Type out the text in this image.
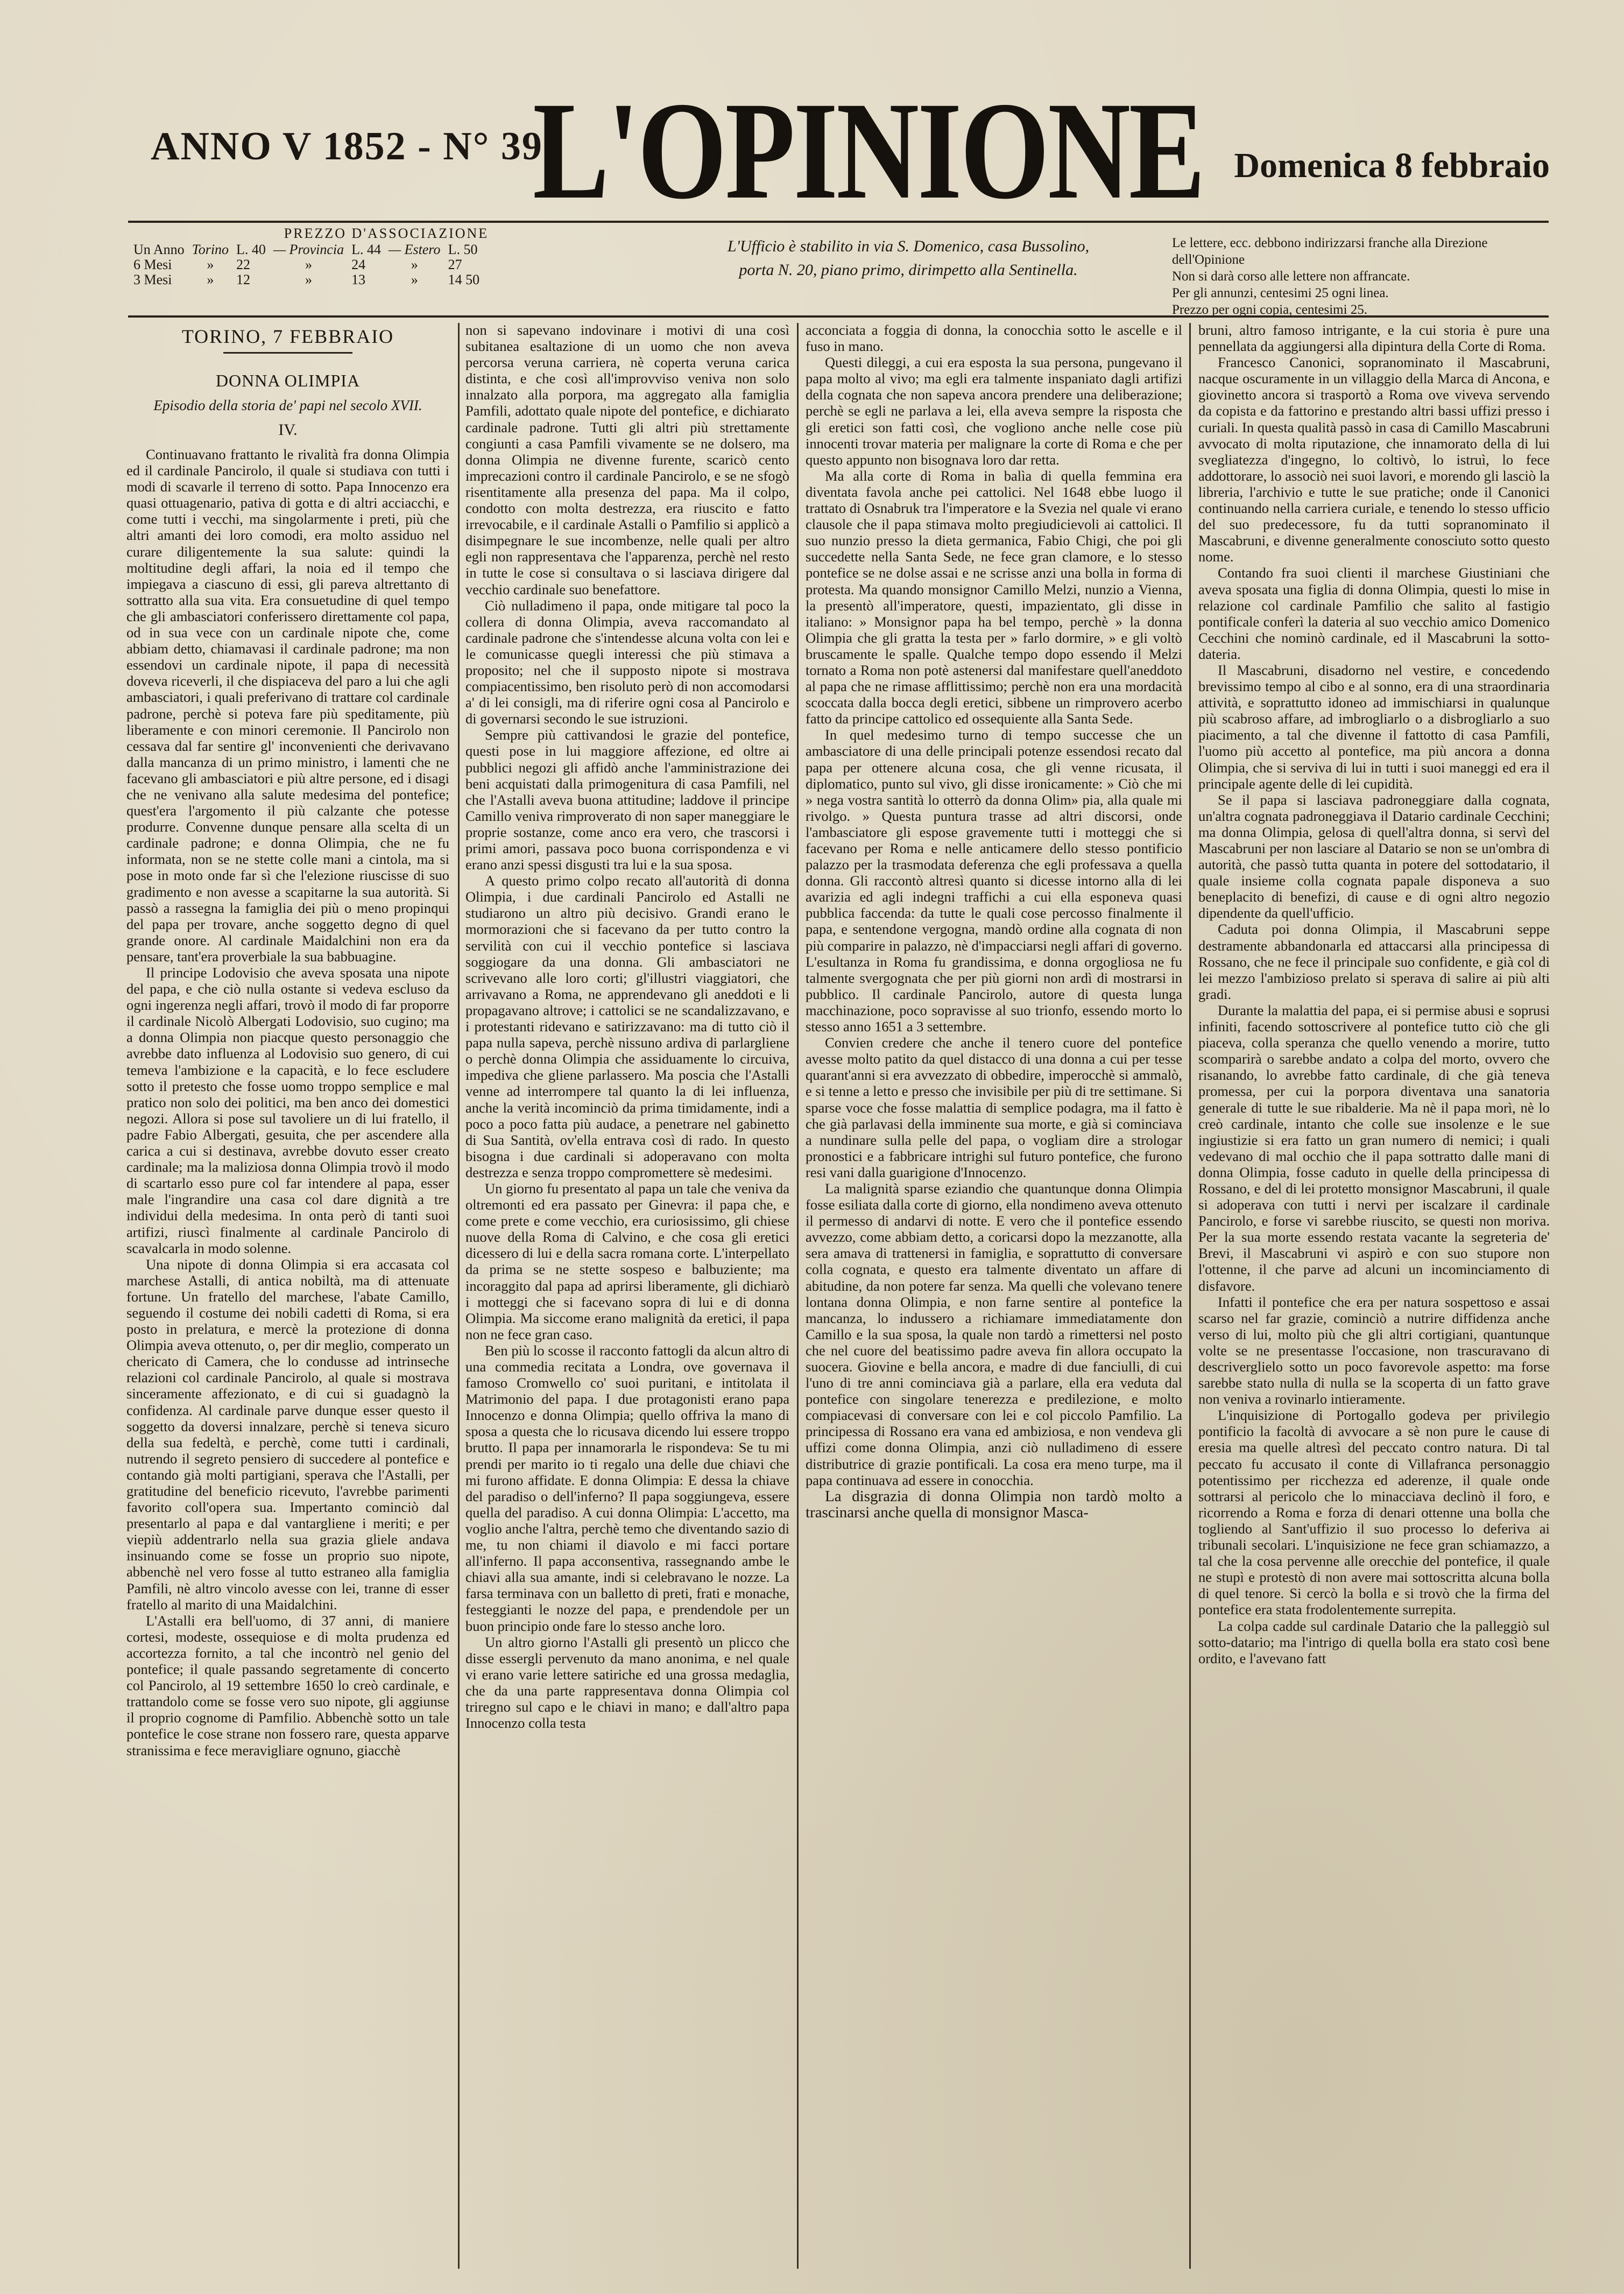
ANNO V 1852 - N° 39
L'OPINIONE Domenica 8 febbraio
PREZZO D'ASSOCIAZIONE
Un Anno	Torino	L. 40	— Provincia	L. 44	— Estero	L. 50
6 Mesi	»	22	»	24	»	27
3 Mesi	»	12	»	13	»	14 50
L'Ufficio è stabilito in via S. Domenico, casa Bussolino,
porta N. 20, piano primo, dirimpetto alla Sentinella.
Le lettere, ecc. debbono indirizzarsi franche alla Direzione dell'Opinione
Non si darà corso alle lettere non affrancate.
Per gli annunzi, centesimi 25 ogni linea.
Prezzo per ogni copia, centesimi 25.
TORINO, 7 FEBBRAIO
DONNA OLIMPIA
Episodio della storia de' papi nel secolo XVII.
IV.

Continuavano frattanto le rivalità fra donna Olimpia ed il cardinale Pancirolo, il quale si studiava con tutti i modi di scavarle il terreno di sotto. Papa Innocenzo era quasi ottuagenario, pativa di gotta e di altri acciacchi, e come tutti i vecchi, ma singolarmente i preti, più che altri amanti dei loro comodi, era molto assiduo nel curare diligentemente la sua salute: quindi la moltitudine degli affari, la noia ed il tempo che impiegava a ciascuno di essi, gli pareva altrettanto di sottratto alla sua vita. Era consuetudine di quel tempo che gli ambasciatori conferissero direttamente col papa, od in sua vece con un cardinale nipote che, come abbiam detto, chiamavasi il cardinale padrone; ma non essendovi un cardinale nipote, il papa di necessità doveva riceverli, il che dispiaceva del paro a lui che agli ambasciatori, i quali preferivano di trattare col cardinale padrone, perchè si poteva fare più speditamente, più liberamente e con minori ceremonie. Il Pancirolo non cessava dal far sentire gl' inconvenienti che derivavano dalla mancanza di un primo ministro, i lamenti che ne facevano gli ambasciatori e più altre persone, ed i disagi che ne venivano alla salute medesima del pontefice; quest'era l'argomento il più calzante che potesse produrre. Convenne dunque pensare alla scelta di un cardinale padrone; e donna Olimpia, che ne fu informata, non se ne stette colle mani a cintola, ma si pose in moto onde far sì che l'elezione riuscisse di suo gradimento e non avesse a scapitarne la sua autorità. Si passò a rassegna la famiglia dei più o meno propinqui del papa per trovare, anche soggetto degno di quel grande onore. Al cardinale Maidalchini non era da pensare, tant'era proverbiale la sua babbuagine.

Il principe Lodovisio che aveva sposata una nipote del papa, e che ciò nulla ostante si vedeva escluso da ogni ingerenza negli affari, trovò il modo di far proporre il cardinale Nicolò Albergati Lodovisio, suo cugino; ma a donna Olimpia non piacque questo personaggio che avrebbe dato influenza al Lodovisio suo genero, di cui temeva l'ambizione e la capacità, e lo fece escludere sotto il pretesto che fosse uomo troppo semplice e mal pratico non solo dei politici, ma ben anco dei domestici negozi. Allora si pose sul tavoliere un di lui fratello, il padre Fabio Albergati, gesuita, che per ascendere alla carica a cui si destinava, avrebbe dovuto esser creato cardinale; ma la maliziosa donna Olimpia trovò il modo di scartarlo esso pure col far intendere al papa, esser male l'ingrandire una casa col dare dignità a tre individui della medesima. In onta però di tanti suoi artifizi, riuscì finalmente al cardinale Pancirolo di scavalcarla in modo solenne.

Una nipote di donna Olimpia si era accasata col marchese Astalli, di antica nobiltà, ma di attenuate fortune. Un fratello del marchese, l'abate Camillo, seguendo il costume dei nobili cadetti di Roma, si era posto in prelatura, e mercè la protezione di donna Olimpia aveva ottenuto, o, per dir meglio, comperato un chericato di Camera, che lo condusse ad intrinseche relazioni col cardinale Pancirolo, al quale si mostrava sinceramente affezionato, e di cui si guadagnò la confidenza. Al cardinale parve dunque esser questo il soggetto da doversi innalzare, perchè si teneva sicuro della sua fedeltà, e perchè, come tutti i cardinali, nutrendo il segreto pensiero di succedere al pontefice e contando già molti partigiani, sperava che l'Astalli, per gratitudine del beneficio ricevuto, l'avrebbe parimenti favorito coll'opera sua. Impertanto cominciò dal presentarlo al papa e dal vantargliene i meriti; e per viepiù addentrarlo nella sua grazia gliele andava insinuando come se fosse un proprio suo nipote, abbenchè nel vero fosse al tutto estraneo alla famiglia Pamfili, nè altro vincolo avesse con lei, tranne di esser fratello al marito di una Maidalchini.

L'Astalli era bell'uomo, di 37 anni, di maniere cortesi, modeste, ossequiose e di molta prudenza ed accortezza fornito, a tal che incontrò nel genio del pontefice; il quale passando segretamente di concerto col Pancirolo, al 19 settembre 1650 lo creò cardinale, e trattandolo come se fosse vero suo nipote, gli aggiunse il proprio cognome di Pamfilio. Abbenchè sotto un tale pontefice le cose strane non fossero rare, questa apparve stranissima e fece meravigliare ognuno, giacchè

non si sapevano indovinare i motivi di una così subitanea esaltazione di un uomo che non aveva percorsa veruna carriera, nè coperta veruna carica distinta, e che così all'improvviso veniva non solo innalzato alla porpora, ma aggregato alla famiglia Pamfili, adottato quale nipote del pontefice, e dichiarato cardinale padrone. Tutti gli altri più strettamente congiunti a casa Pamfili vivamente se ne dolsero, ma donna Olimpia ne divenne furente, scaricò cento imprecazioni contro il cardinale Pancirolo, e se ne sfogò risentitamente alla presenza del papa. Ma il colpo, condotto con molta destrezza, era riuscito e fatto irrevocabile, e il cardinale Astalli o Pamfilio si applicò a disimpegnare le sue incombenze, nelle quali per altro egli non rappresentava che l'apparenza, perchè nel resto in tutte le cose si consultava o si lasciava dirigere dal vecchio cardinale suo benefattore.

Ciò nulladimeno il papa, onde mitigare tal poco la collera di donna Olimpia, aveva raccomandato al cardinale padrone che s'intendesse alcuna volta con lei e le comunicasse quegli interessi che più stimava a proposito; nel che il supposto nipote si mostrava compiacentissimo, ben risoluto però di non accomodarsi a' di lei consigli, ma di riferire ogni cosa al Pancirolo e di governarsi secondo le sue istruzioni.

Sempre più cattivandosi le grazie del pontefice, questi pose in lui maggiore affezione, ed oltre ai pubblici negozi gli affidò anche l'amministrazione dei beni acquistati dalla primogenitura di casa Pamfili, nel che l'Astalli aveva buona attitudine; laddove il principe Camillo veniva rimproverato di non saper maneggiare le proprie sostanze, come anco era vero, che trascorsi i primi amori, passava poco buona corrispondenza e vi erano anzi spessi disgusti tra lui e la sua sposa.

A questo primo colpo recato all'autorità di donna Olimpia, i due cardinali Pancirolo ed Astalli ne studiarono un altro più decisivo. Grandi erano le mormorazioni che si facevano da per tutto contro la servilità con cui il vecchio pontefice si lasciava soggiogare da una donna. Gli ambasciatori ne scrivevano alle loro corti; gl'illustri viaggiatori, che arrivavano a Roma, ne apprendevano gli aneddoti e li propagavano altrove; i cattolici se ne scandalizzavano, e i protestanti ridevano e satirizzavano: ma di tutto ciò il papa nulla sapeva, perchè nissuno ardiva di parlargliene o perchè donna Olimpia che assiduamente lo circuiva, impediva che gliene parlassero. Ma poscia che l'Astalli venne ad interrompere tal quanto la di lei influenza, anche la verità incominciò da prima timidamente, indi a poco a poco fatta più audace, a penetrare nel gabinetto di Sua Santità, ov'ella entrava così di rado. In questo bisogna i due cardinali si adoperavano con molta destrezza e senza troppo compromettere sè medesimi.

Un giorno fu presentato al papa un tale che veniva da oltremonti ed era passato per Ginevra: il papa che, e come prete e come vecchio, era curiosissimo, gli chiese nuove della Roma di Calvino, e che cosa gli eretici dicessero di lui e della sacra romana corte. L'interpellato da prima se ne stette sospeso e balbuziente; ma incoraggito dal papa ad aprirsi liberamente, gli dichiarò i motteggi che si facevano sopra di lui e di donna Olimpia. Ma siccome erano malignità da eretici, il papa non ne fece gran caso.

Ben più lo scosse il racconto fattogli da alcun altro di una commedia recitata a Londra, ove governava il famoso Cromwello co' suoi puritani, e intitolata il Matrimonio del papa. I due protagonisti erano papa Innocenzo e donna Olimpia; quello offriva la mano di sposa a questa che lo ricusava dicendo lui essere troppo brutto. Il papa per innamorarla le rispondeva: Se tu mi prendi per marito io ti regalo una delle due chiavi che mi furono affidate. E donna Olimpia: E dessa la chiave del paradiso o dell'inferno? Il papa soggiungeva, essere quella del paradiso. A cui donna Olimpia: L'accetto, ma voglio anche l'altra, perchè temo che diventando sazio di me, tu non chiami il diavolo e mi facci portare all'inferno. Il papa acconsentiva, rassegnando ambe le chiavi alla sua amante, indi si celebravano le nozze. La farsa terminava con un balletto di preti, frati e monache, festeggianti le nozze del papa, e prendendole per un buon principio onde fare lo stesso anche loro.

Un altro giorno l'Astalli gli presentò un plicco che disse essergli pervenuto da mano anonima, e nel quale vi erano varie lettere satiriche ed una grossa medaglia, che da una parte rappresentava donna Olimpia col triregno sul capo e le chiavi in mano; e dall'altro papa Innocenzo colla testa

acconciata a foggia di donna, la conocchia sotto le ascelle e il fuso in mano.

Questi dileggi, a cui era esposta la sua persona, pungevano il papa molto al vivo; ma egli era talmente inspaniato dagli artifizi della cognata che non sapeva ancora prendere una deliberazione; perchè se egli ne parlava a lei, ella aveva sempre la risposta che gli eretici son fatti così, che vogliono anche nelle cose più innocenti trovar materia per malignare la corte di Roma e che per questo appunto non bisognava loro dar retta.

Ma alla corte di Roma in balìa di quella femmina era diventata favola anche pei cattolici. Nel 1648 ebbe luogo il trattato di Osnabruk tra l'imperatore e la Svezia nel quale vi erano clausole che il papa stimava molto pregiudicievoli ai cattolici. Il suo nunzio presso la dieta germanica, Fabio Chigi, che poi gli succedette nella Santa Sede, ne fece gran clamore, e lo stesso pontefice se ne dolse assai e ne scrisse anzi una bolla in forma di protesta. Ma quando monsignor Camillo Melzi, nunzio a Vienna, la presentò all'imperatore, questi, impazientato, gli disse in italiano: » Monsignor papa ha bel tempo, perchè » la donna Olimpia che gli gratta la testa per » farlo dormire, » e gli voltò bruscamente le spalle. Qualche tempo dopo essendo il Melzi tornato a Roma non potè astenersi dal manifestare quell'aneddoto al papa che ne rimase afflittissimo; perchè non era una mordacità scoccata dalla bocca degli eretici, sibbene un rimprovero acerbo fatto da principe cattolico ed ossequiente alla Santa Sede.

In quel medesimo turno di tempo successe che un ambasciatore di una delle principali potenze essendosi recato dal papa per ottenere alcuna cosa, che gli venne ricusata, il diplomatico, punto sul vivo, gli disse ironicamente: » Ciò che mi » nega vostra santità lo otterrò da donna Olim» pia, alla quale mi rivolgo. » Questa puntura trasse ad altri discorsi, onde l'ambasciatore gli espose gravemente tutti i motteggi che si facevano per Roma e nelle anticamere dello stesso pontificio palazzo per la trasmodata deferenza che egli professava a quella donna. Gli raccontò altresì quanto si dicesse intorno alla di lei avarizia ed agli indegni traffichi a cui ella esponeva quasi pubblica faccenda: da tutte le quali cose percosso finalmente il papa, e sentendone vergogna, mandò ordine alla cognata di non più comparire in palazzo, nè d'impacciarsi negli affari di governo. L'esultanza in Roma fu grandissima, e donna orgogliosa ne fu talmente svergognata che per più giorni non ardì di mostrarsi in pubblico. Il cardinale Pancirolo, autore di questa lunga macchinazione, poco sopravisse al suo trionfo, essendo morto lo stesso anno 1651 a 3 settembre.

Convien credere che anche il tenero cuore del pontefice avesse molto patito da quel distacco di una donna a cui per tesse quarant'anni si era avvezzato di obbedire, imperocchè si ammalò, e si tenne a letto e presso che invisibile per più di tre settimane. Si sparse voce che fosse malattia di semplice podagra, ma il fatto è che già parlavasi della imminente sua morte, e già si cominciava a nundinare sulla pelle del papa, o vogliam dire a strologar pronostici e a fabbricare intrighi sul futuro pontefice, che furono resi vani dalla guarigione d'Innocenzo.

La malignità sparse eziandio che quantunque donna Olimpia fosse esiliata dalla corte di giorno, ella nondimeno aveva ottenuto il permesso di andarvi di notte. E vero che il pontefice essendo avvezzo, come abbiam detto, a coricarsi dopo la mezzanotte, alla sera amava di trattenersi in famiglia, e soprattutto di conversare colla cognata, e questo era talmente diventato un affare di abitudine, da non potere far senza. Ma quelli che volevano tenere lontana donna Olimpia, e non farne sentire al pontefice la mancanza, lo indussero a richiamare immediatamente don Camillo e la sua sposa, la quale non tardò a rimettersi nel posto che nel cuore del beatissimo padre aveva fin allora occupato la suocera. Giovine e bella ancora, e madre di due fanciulli, di cui l'uno di tre anni cominciava già a parlare, ella era veduta dal pontefice con singolare tenerezza e predilezione, e molto compiacevasi di conversare con lei e col piccolo Pamfilio. La principessa di Rossano era vana ed ambiziosa, e non vendeva gli uffizi come donna Olimpia, anzi ciò nulladimeno di essere distributrice di grazie pontificali. La cosa era meno turpe, ma il papa continuava ad essere in conocchia.

La disgrazia di donna Olimpia non tardò molto a trascinarsi anche quella di monsignor Masca-

bruni, altro famoso intrigante, e la cui storia è pure una pennellata da aggiungersi alla dipintura della Corte di Roma.

Francesco Canonici, sopranominato il Mascabruni, nacque oscuramente in un villaggio della Marca di Ancona, e giovinetto ancora si trasportò a Roma ove viveva servendo da copista e da fattorino e prestando altri bassi uffizi presso i curiali. In questa qualità passò in casa di Camillo Mascabruni avvocato di molta riputazione, che innamorato della di lui svegliatezza d'ingegno, lo coltivò, lo istruì, lo fece addottorare, lo associò nei suoi lavori, e morendo gli lasciò la libreria, l'archivio e tutte le sue pratiche; onde il Canonici continuando nella carriera curiale, e tenendo lo stesso ufficio del suo predecessore, fu da tutti sopranominato il Mascabruni, e divenne generalmente conosciuto sotto questo nome.

Contando fra suoi clienti il marchese Giustiniani che aveva sposata una figlia di donna Olimpia, questi lo mise in relazione col cardinale Pamfilio che salito al fastigio pontificale conferì la dateria al suo vecchio amico Domenico Cecchini che nominò cardinale, ed il Mascabruni la sotto-dateria.

Il Mascabruni, disadorno nel vestire, e concedendo brevissimo tempo al cibo e al sonno, era di una straordinaria attività, e soprattutto idoneo ad immischiarsi in qualunque più scabroso affare, ad imbrogliarlo o a disbrogliarlo a suo piacimento, a tal che divenne il fattotto di casa Pamfili, l'uomo più accetto al pontefice, ma più ancora a donna Olimpia, che si serviva di lui in tutti i suoi maneggi ed era il principale agente delle di lei cupidità.

Se il papa si lasciava padroneggiare dalla cognata, un'altra cognata padroneggiava il Datario cardinale Cecchini; ma donna Olimpia, gelosa di quell'altra donna, si servì del Mascabruni per non lasciare al Datario se non se un'ombra di autorità, che passò tutta quanta in potere del sottodatario, il quale insieme colla cognata papale disponeva a suo beneplacito di benefizi, di cause e di ogni altro negozio dipendente da quell'ufficio.

Caduta poi donna Olimpia, il Mascabruni seppe destramente abbandonarla ed attaccarsi alla principessa di Rossano, che ne fece il principale suo confidente, e già col di lei mezzo l'ambizioso prelato si sperava di salire ai più alti gradi.

Durante la malattia del papa, ei si permise abusi e soprusi infiniti, facendo sottoscrivere al pontefice tutto ciò che gli piaceva, colla speranza che quello venendo a morire, tutto scomparirà o sarebbe andato a colpa del morto, ovvero che risanando, lo avrebbe fatto cardinale, di che già teneva promessa, per cui la porpora diventava una sanatoria generale di tutte le sue ribalderie. Ma nè il papa morì, nè lo creò cardinale, intanto che colle sue insolenze e le sue ingiustizie si era fatto un gran numero di nemici; i quali vedevano di mal occhio che il papa sottratto dalle mani di donna Olimpia, fosse caduto in quelle della principessa di Rossano, e del di lei protetto monsignor Mascabruni, il quale si adoperava con tutti i nervi per iscalzare il cardinale Pancirolo, e forse vi sarebbe riuscito, se questi non moriva. Per la sua morte essendo restata vacante la segreteria de' Brevi, il Mascabruni vi aspirò e con suo stupore non l'ottenne, il che parve ad alcuni un incominciamento di disfavore.

Infatti il pontefice che era per natura sospettoso e assai scarso nel far grazie, cominciò a nutrire diffidenza anche verso di lui, molto più che gli altri cortigiani, quantunque volte se ne presentasse l'occasione, non trascuravano di descriverglielo sotto un poco favorevole aspetto: ma forse sarebbe stato nulla di nulla se la scoperta di un fatto grave non veniva a rovinarlo intieramente.

L'inquisizione di Portogallo godeva per privilegio pontificio la facoltà di avvocare a sè non pure le cause di eresia ma quelle altresì del peccato contro natura. Di tal peccato fu accusato il conte di Villafranca personaggio potentissimo per ricchezza ed aderenze, il quale onde sottrarsi al pericolo che lo minacciava declinò il foro, e ricorrendo a Roma e forza di denari ottenne una bolla che togliendo al Sant'uffizio il suo processo lo deferiva ai tribunali secolari. L'inquisizione ne fece gran schiamazzo, a tal che la cosa pervenne alle orecchie del pontefice, il quale ne stupì e protestò di non avere mai sottoscritta alcuna bolla di quel tenore. Si cercò la bolla e si trovò che la firma del pontefice era stata frodolentemente surrepita.

La colpa cadde sul cardinale Datario che la palleggiò sul sotto-datario; ma l'intrigo di quella bolla era stato così bene ordito, e l'avevano fatt
